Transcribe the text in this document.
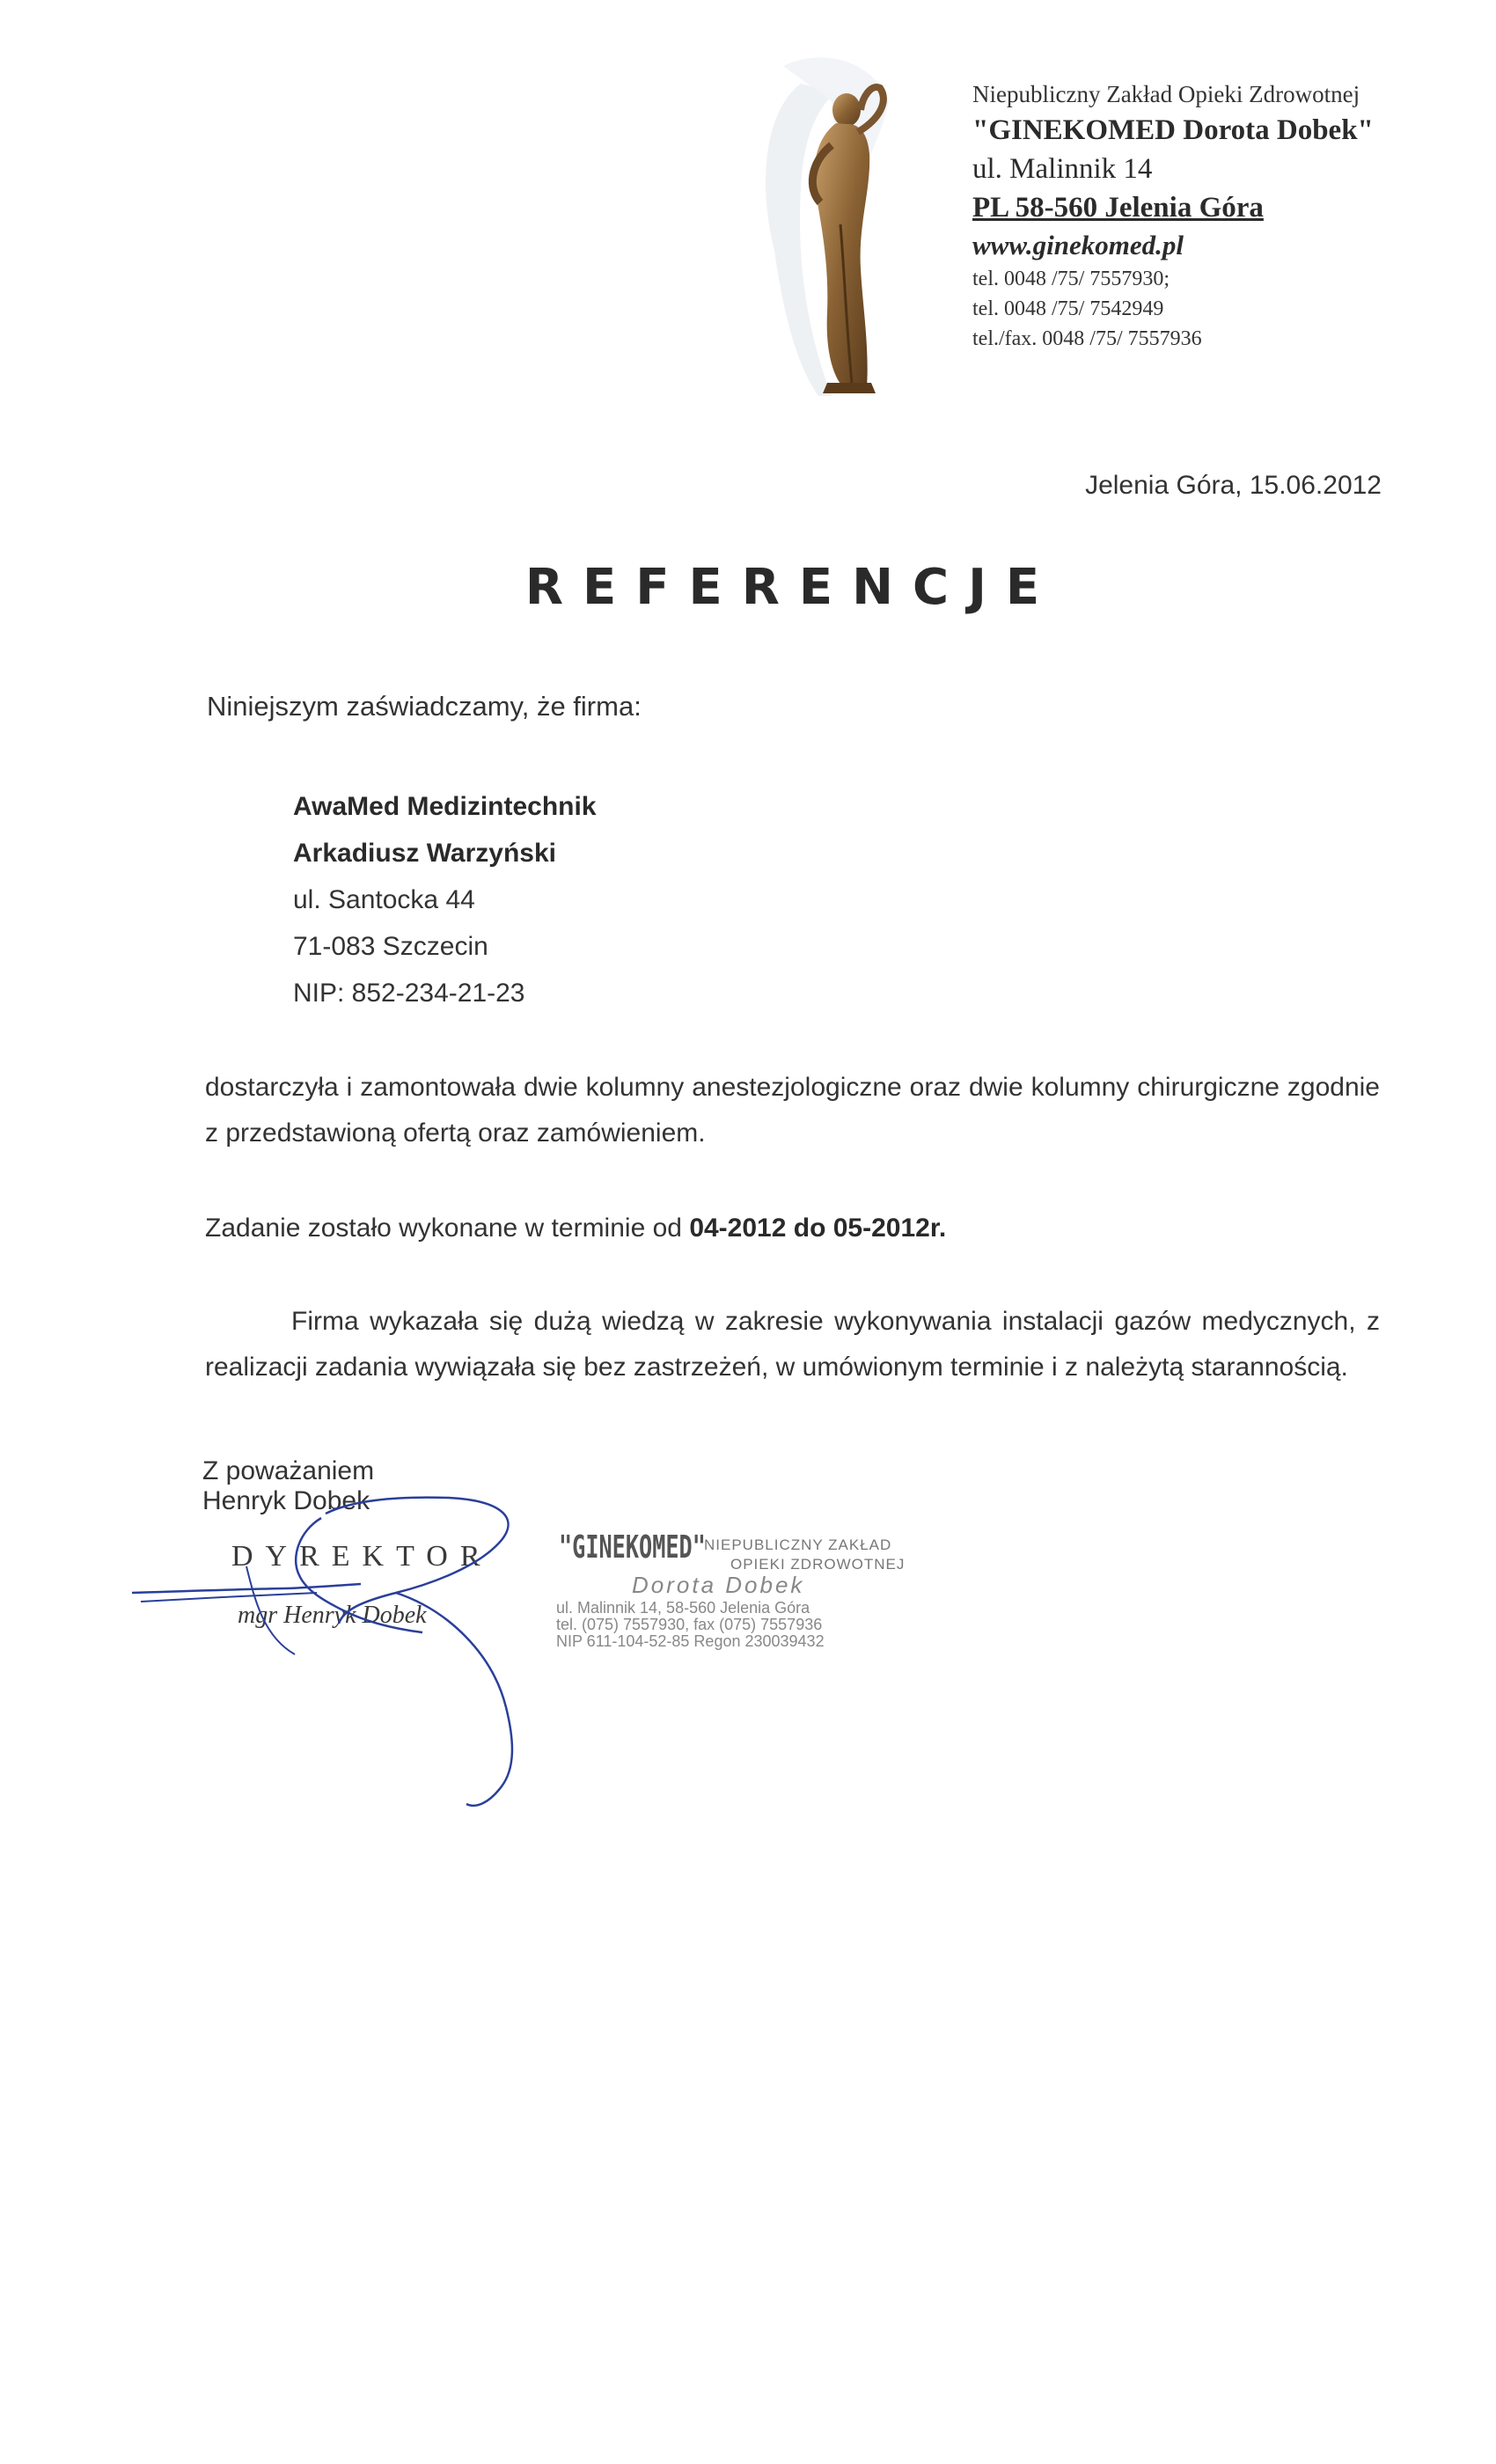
Niepubliczny Zakład Opieki Zdrowotnej
"GINEKOMED Dorota Dobek"
ul. Malinnik 14
PL 58-560 Jelenia Góra
www.ginekomed.pl
tel. 0048 /75/ 7557930;
tel. 0048 /75/ 7542949
tel./fax. 0048 /75/ 7557936
Jelenia Góra, 15.06.2012
REFERENCJE
Niniejszym zaświadczamy, że firma:
AwaMed Medizintechnik
Arkadiusz Warzyński
ul. Santocka 44
71-083 Szczecin
NIP: 852-234-21-23
dostarczyła i zamontowała dwie kolumny anestezjologiczne oraz dwie kolumny chirurgiczne zgodnie z przedstawioną ofertą oraz zamówieniem.
Zadanie zostało wykonane w terminie od 04-2012 do 05-2012r.
Firma wykazała się dużą wiedzą w zakresie wykonywania instalacji gazów medycznych, z realizacji zadania wywiązała się bez zastrzeżeń, w umówionym terminie i z należytą starannością.
Z poważaniem
Henryk Dobek
DYREKTOR
mgr Henryk Dobek
"GINEKOMED"
NIEPUBLICZNY ZAKŁAD
OPIEKI ZDROWOTNEJ
Dorota Dobek
ul. Malinnik 14, 58-560 Jelenia Góra
tel. (075) 7557930, fax (075) 7557936
NIP 611-104-52-85 Regon 230039432
